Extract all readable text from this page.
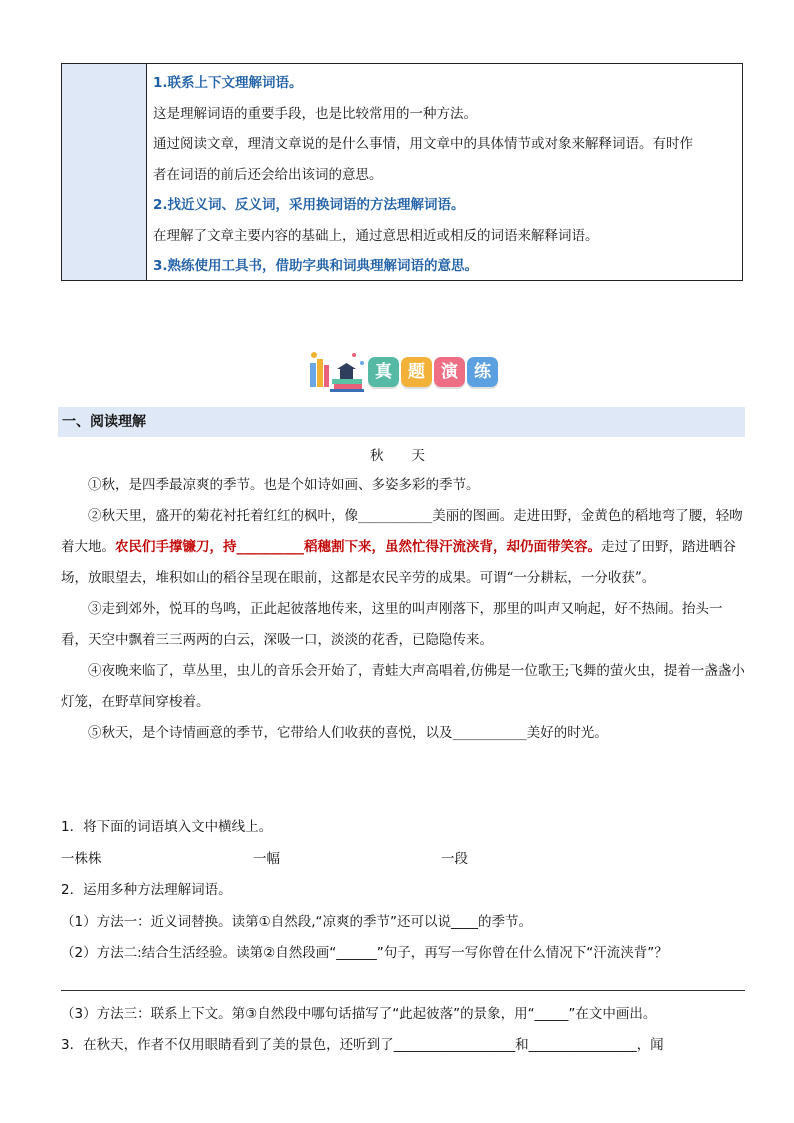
1.联系上下文理解词语。

这是理解词语的重要手段，也是比较常用的一种方法。

通过阅读文章，理清文章说的是什么事情，用文章中的具体情节或对象来解释词语。有时作

者在词语的前后还会给出该词的意思。

2.找近义词、反义词，采用换词语的方法理解词语。

在理解了文章主要内容的基础上，通过意思相近或相反的词语来解释词语。

3.熟练使用工具书，借助字典和词典理解词语的意思。

真 题 演 练
一、阅读理解
秋天

①秋，是四季最凉爽的季节。也是个如诗如画、多姿多彩的季节。

②秋天里，盛开的菊花衬托着红红的枫叶，像___________美丽的图画。走进田野，金黄色的稻地弯了腰，轻吻着大地。农民们手撑镰刀，持__________稻穗割下来，虽然忙得汗流浃背，却仍面带笑容。走过了田野，踏进晒谷场，放眼望去，堆积如山的稻谷呈现在眼前，这都是农民辛劳的成果。可谓“一分耕耘，一分收获”。

③走到郊外，悦耳的鸟鸣，正此起彼落地传来，这里的叫声刚落下，那里的叫声又响起，好不热闹。抬头一看，天空中飘着三三两两的白云，深吸一口，淡淡的花香，已隐隐传来。

④夜晚来临了，草丛里，虫儿的音乐会开始了，青蛙大声高唱着,仿佛是一位歌王;飞舞的萤火虫，提着一盏盏小灯笼，在野草间穿梭着。

⑤秋天，是个诗情画意的季节，它带给人们收获的喜悦，以及___________美好的时光。

1．将下面的词语填入文中横线上。

一株株	一幅	一段

2．运用多种方法理解词语。

（1）方法一：近义词替换。读第①自然段,“凉爽的季节”还可以说____的季节。

（2）方法二:结合生活经验。读第②自然段画“______”句子，再写一写你曾在什么情况下“汗流浃背”？

（3）方法三：联系上下文。第③自然段中哪句话描写了“此起彼落”的景象，用“_____”在文中画出。

3．在秋天，作者不仅用眼睛看到了美的景色，还听到了__________________和________________，闻
